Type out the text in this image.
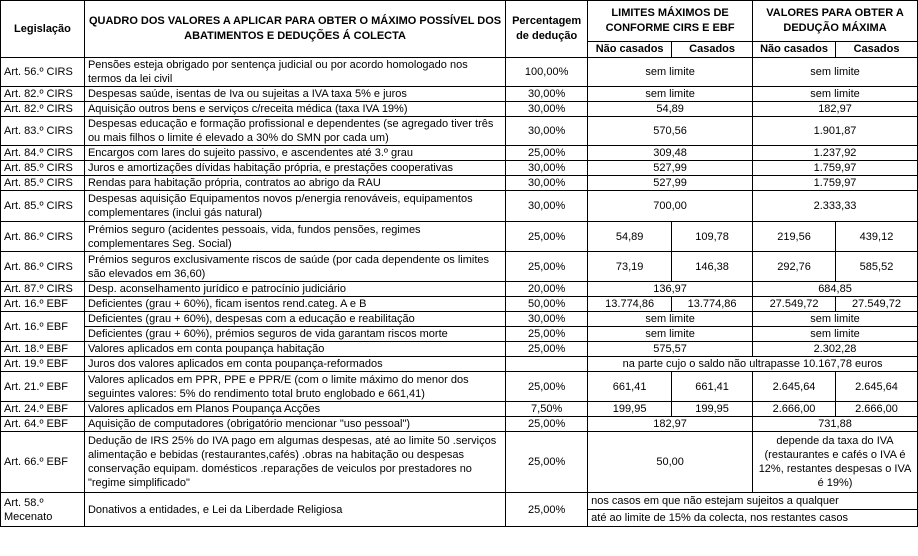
Legislação	QUADRO DOS VALORES A APLICAR PARA OBTER O MÁXIMO POSSÍVEL DOS ABATIMENTOS E DEDUÇÕES Á COLECTA	Percentagem de dedução	LIMITES MÁXIMOS DE CONFORME CIRS E EBF		VALORES PARA OBTER A DEDUÇÃO MÁXIMA	
			Não casados	Casados	Não casados	Casados
Art. 56.º CIRS	Pensões esteja obrigado por sentença judicial ou por acordo homologado nos termos da lei civil	100,00%	sem limite		sem limite	
Art. 82.º CIRS	Despesas saúde, isentas de Iva ou sujeitas a IVA taxa 5% e juros	30,00%	sem limite		sem limite	
Art. 82.º CIRS	Aquisição outros bens e serviços c/receita médica (taxa IVA 19%)	30,00%	54,89		182,97	
Art. 83.º CIRS	Despesas educação e formação profissional e dependentes (se agregado tiver três ou mais filhos o limite é elevado a 30% do SMN por cada um)	30,00%	570,56		1.901,87	
Art. 84.º CIRS	Encargos com lares do sujeito passivo, e ascendentes até 3.º grau	25,00%	309,48		1.237,92	
Art. 85.º CIRS	Juros e amortizações dívidas habitação própria, e prestações cooperativas	30,00%	527,99		1.759,97	
Art. 85.º CIRS	Rendas para habitação própria, contratos ao abrigo da RAU	30,00%	527,99		1.759,97	
Art. 85.º CIRS	Despesas aquisição Equipamentos novos p/energia renováveis, equipamentos complementares (inclui gás natural)	30,00%	700,00		2.333,33	
Art. 86.º CIRS	Prémios seguro (acidentes pessoais, vida, fundos pensões, regimes complementares Seg. Social)	25,00%	54,89	109,78	219,56	439,12
Art. 86.º CIRS	Prémios seguros exclusivamente riscos de saúde (por cada dependente os limites são elevados em 36,60)	25,00%	73,19	146,38	292,76	585,52
Art. 87.º CIRS	Desp. aconselhamento jurídico e patrocínio judiciário	20,00%	136,97		684,85	
Art. 16.º EBF	Deficientes (grau + 60%), ficam isentos rend.categ. A e B	50,00%	13.774,86	13.774,86	27.549,72	27.549,72
Art. 16.º EBF	Deficientes (grau + 60%), despesas com a educação e reabilitação	30,00%	sem limite		sem limite	
	Deficientes (grau + 60%), prémios seguros de vida garantam riscos morte	25,00%	sem limite		sem limite	
Art. 18.º EBF	Valores aplicados em conta poupança habitação	25,00%	575,57		2.302,28	
Art. 19.º EBF	Juros dos valores aplicados em conta poupança-reformados		na parte cujo o saldo não ultrapasse 10.167,78 euros			
Art. 21.º EBF	Valores aplicados em PPR, PPE e PPR/E (com o limite máximo do menor dos seguintes valores: 5% do rendimento total bruto englobado e 661,41)	25,00%	661,41	661,41	2.645,64	2.645,64
Art. 24.º EBF	Valores aplicados em Planos Poupança Acções	7,50%	199,95	199,95	2.666,00	2.666,00
Art. 64.º EBF	Aquisição de computadores (obrigatório mencionar "uso pessoal")	25,00%	182,97		731,88	
Art. 66.º EBF	Dedução de IRS 25% do IVA pago em algumas despesas, até ao limite 50 .serviços alimentação e bebidas (restaurantes,cafés) .obras na habitação ou despesas conservação equipam. domésticos .reparações de veiculos por prestadores no "regime simplificado"	25,00%	50,00		depende da taxa do IVA (restaurantes e cafés o IVA é 12%, restantes despesas o IVA é 19%)	
Art. 58.º Mecenato	Donativos a entidades, e Lei da Liberdade Religiosa	25,00%	nos casos em que não estejam sujeitos a qualquer			
			até ao limite de 15% da colecta, nos restantes casos			
